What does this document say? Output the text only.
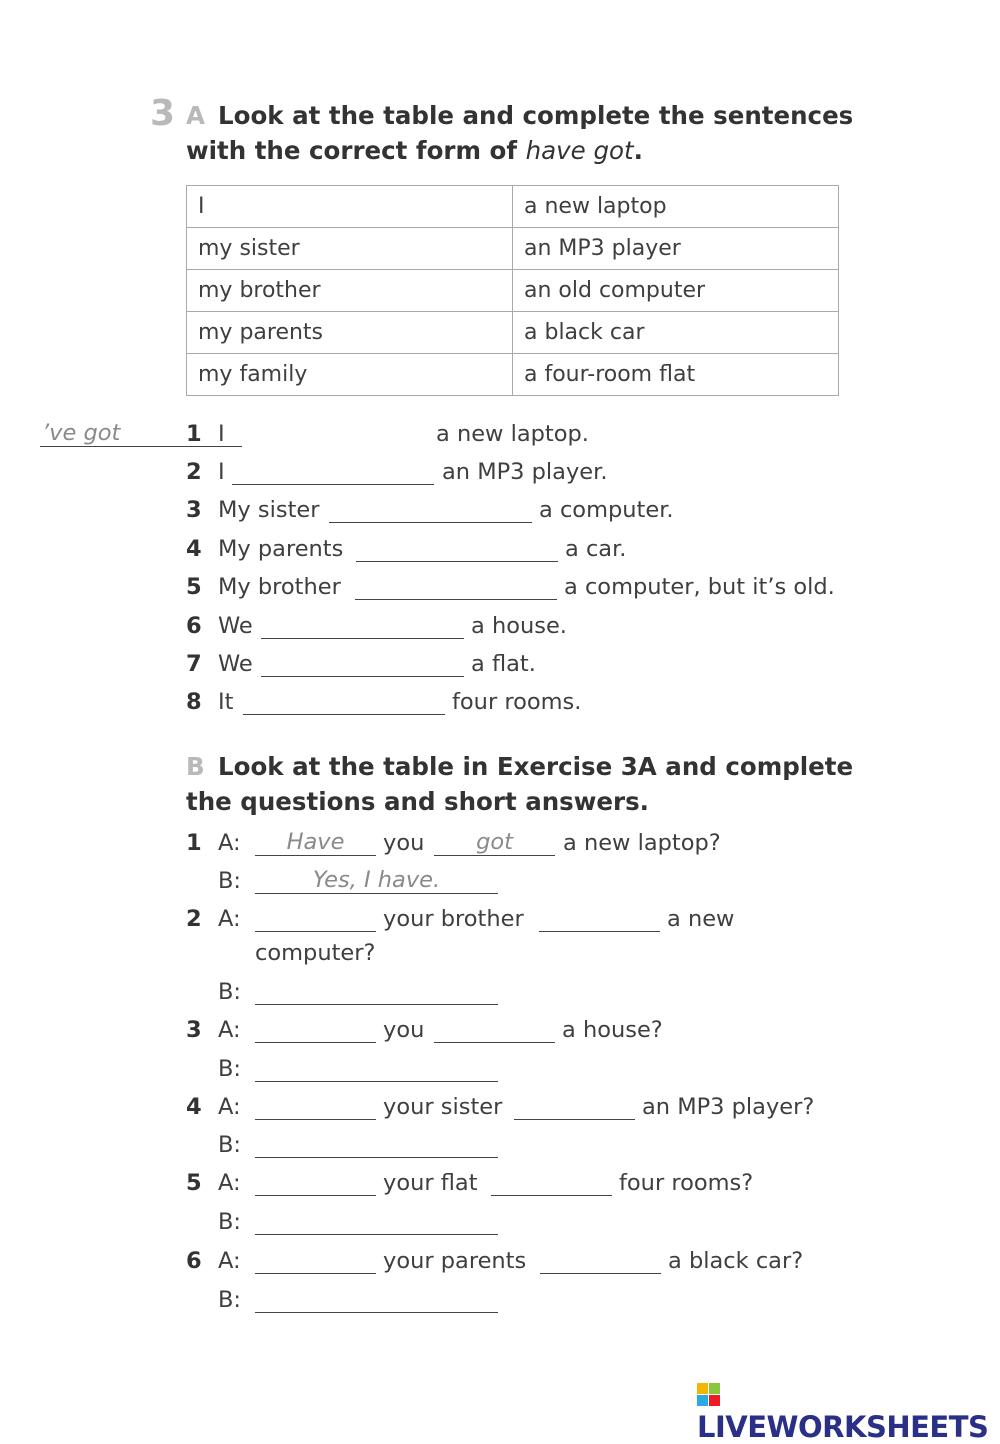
3 A Look at the table and complete the sentences with the correct form of have got.
I	a new laptop
my sister	an MP3 player
my brother	an old computer
my parents	a black car
my family	a four-room flat
1 I
’ve got	a new laptop.
2 I	an MP3 player.
3 My sister	a computer.
4 My parents	a car.
5 My brother	a computer, but it’s old.
6 We	a house.
7 We	a flat.
8 It	four rooms.
B Look at the table in Exercise 3A and complete the questions and short answers.
1 A:	Have	you	got	a new laptop?
B:	Yes, I have.
2 A:	your brother	a new
computer?
B:
3 A:	you	a house?
B:
4 A:	your sister	an MP3 player?
B:
5 A:	your flat	four rooms?
B:
6 A:	your parents	a black car?
B:
LIVEWORKSHEETS
